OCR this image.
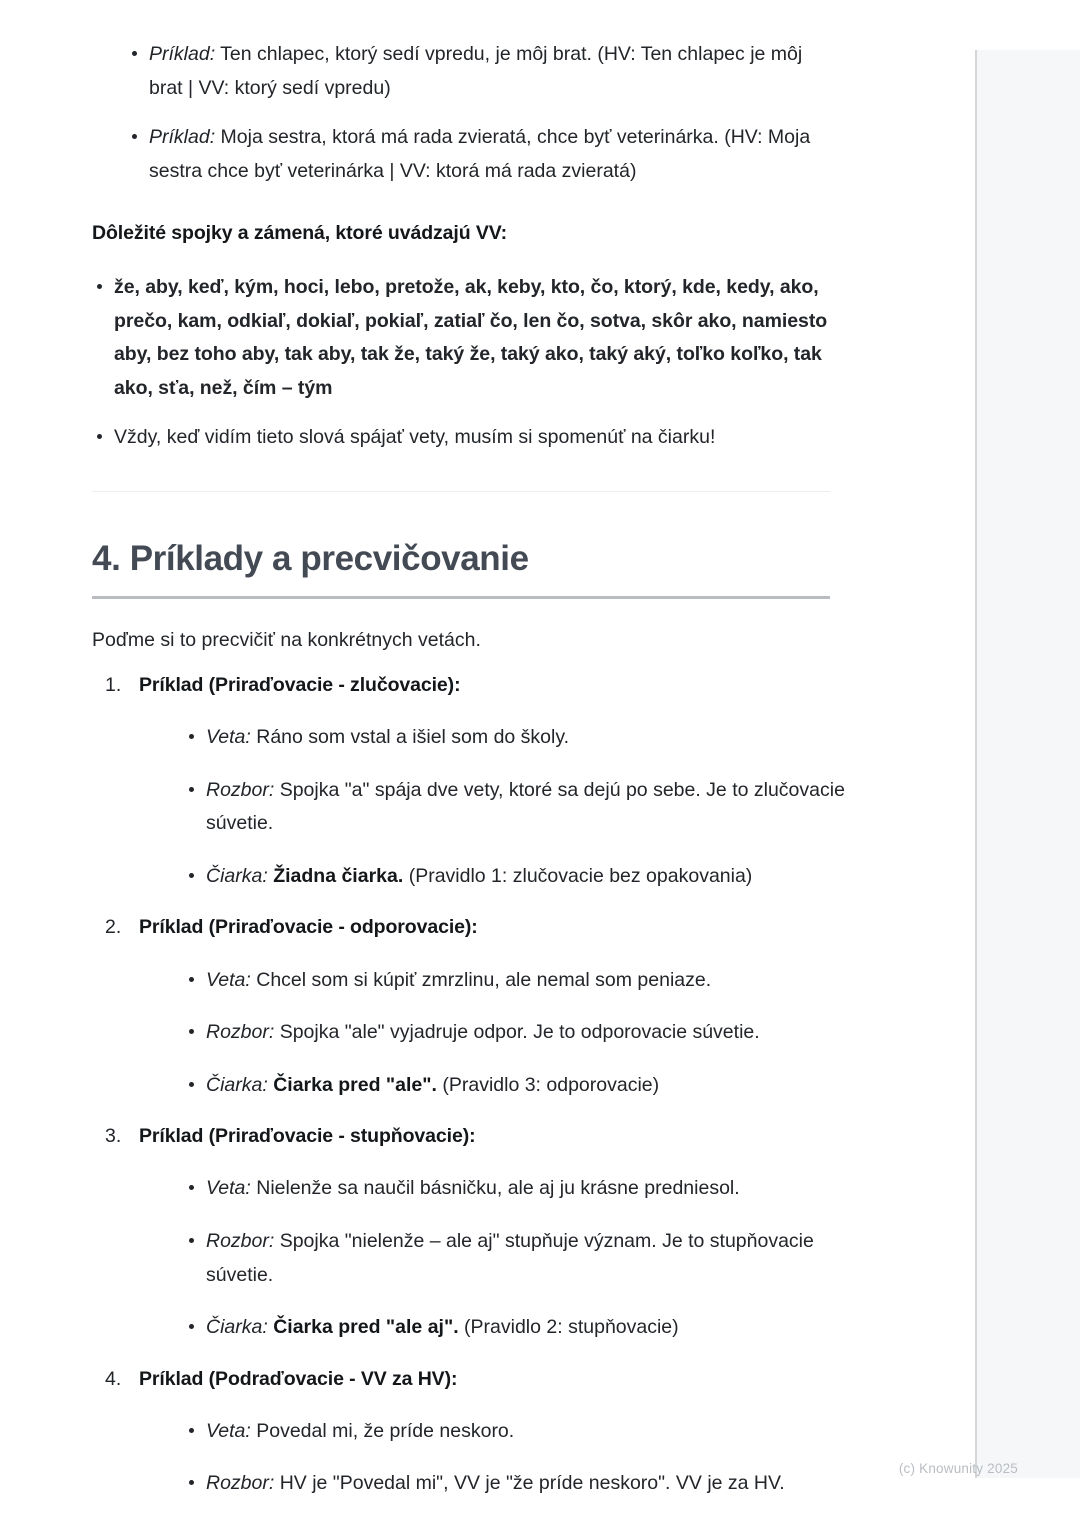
Príklad: Ten chlapec, ktorý sedí vpredu, je môj brat. (HV: Ten chlapec je môj brat | VV: ktorý sedí vpredu)
Príklad: Moja sestra, ktorá má rada zvieratá, chce byť veterinárka. (HV: Moja sestra chce byť veterinárka | VV: ktorá má rada zvieratá)

Dôležité spojky a zámená, ktoré uvádzajú VV:

že, aby, keď, kým, hoci, lebo, pretože, ak, keby, kto, čo, ktorý, kde, kedy, ako, prečo, kam, odkiaľ, dokiaľ, pokiaľ, zatiaľ čo, len čo, sotva, skôr ako, namiesto aby, bez toho aby, tak aby, tak že, taký že, taký ako, taký aký, toľko koľko, tak ako, sťa, než, čím – tým
Vždy, keď vidím tieto slová spájať vety, musím si spomenúť na čiarku!
4. Príklady a precvičovanie

Poďme si to precvičiť na konkrétnych vetách.

Príklad (Priraďovacie - zlučovacie):
Veta: Ráno som vstal a išiel som do školy.
Rozbor: Spojka "a" spája dve vety, ktoré sa dejú po sebe. Je to zlučovacie súvetie.
Čiarka: Žiadna čiarka. (Pravidlo 1: zlučovacie bez opakovania)
Príklad (Priraďovacie - odporovacie):
Veta: Chcel som si kúpiť zmrzlinu, ale nemal som peniaze.
Rozbor: Spojka "ale" vyjadruje odpor. Je to odporovacie súvetie.
Čiarka: Čiarka pred "ale". (Pravidlo 3: odporovacie)
Príklad (Priraďovacie - stupňovacie):
Veta: Nielenže sa naučil básničku, ale aj ju krásne predniesol.
Rozbor: Spojka "nielenže – ale aj" stupňuje význam. Je to stupňovacie súvetie.
Čiarka: Čiarka pred "ale aj". (Pravidlo 2: stupňovacie)
Príklad (Podraďovacie - VV za HV):
Veta: Povedal mi, že príde neskoro.
Rozbor: HV je "Povedal mi", VV je "že príde neskoro". VV je za HV.
(c) Knowunity 2025
